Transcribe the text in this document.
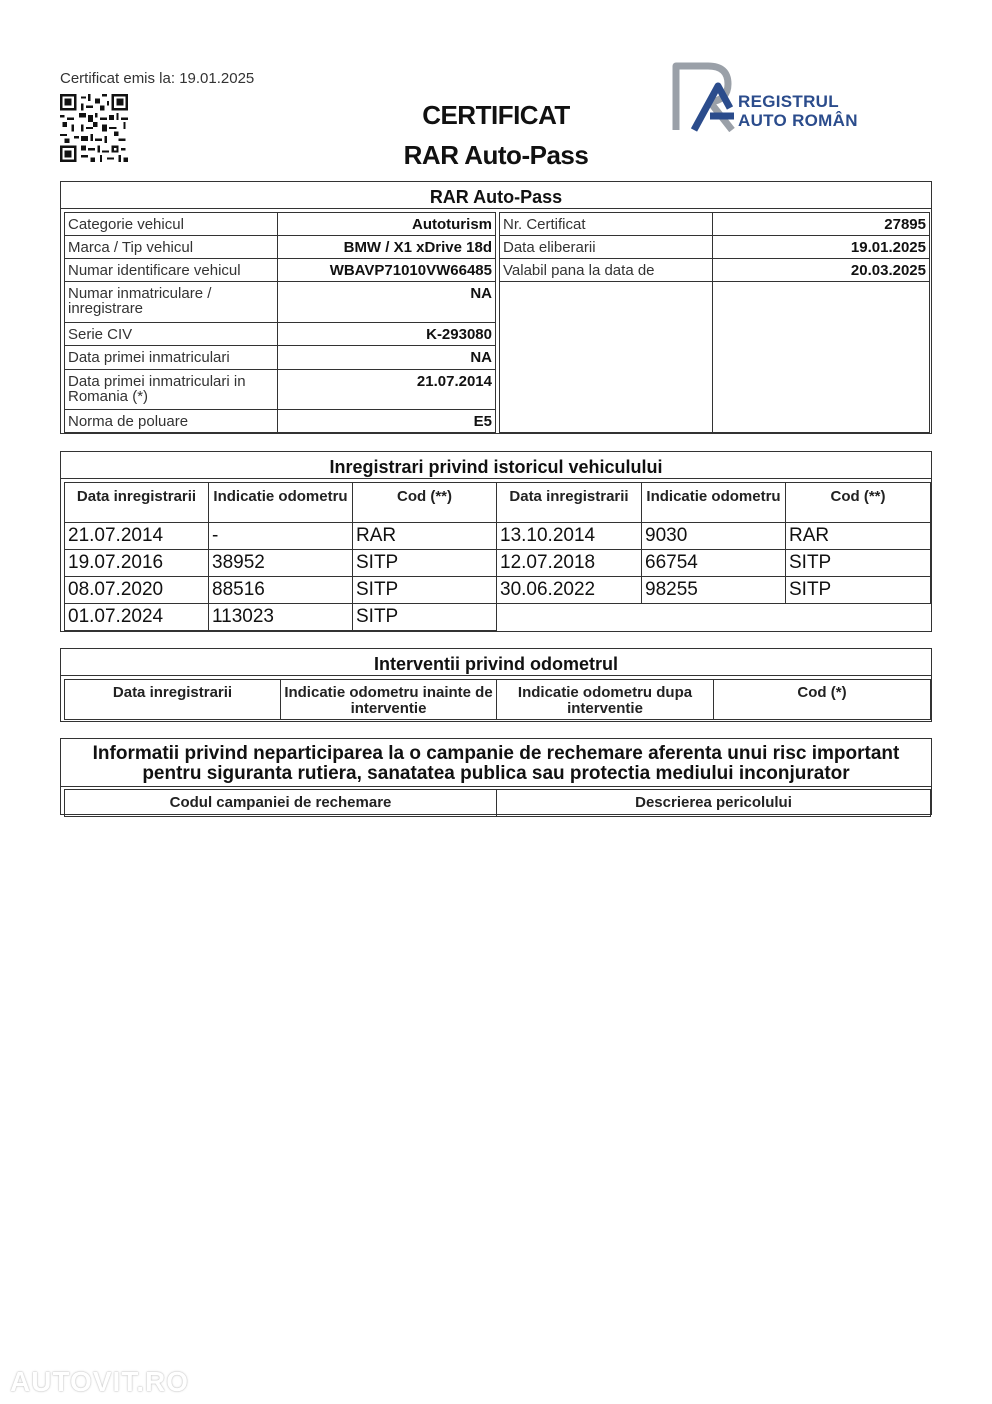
Certificat emis la: 19.01.2025
CERTIFICAT
RAR Auto-Pass
REGISTRUL
AUTO ROMÂN
RAR Auto-Pass
Categorie vehicul	Autoturism
Marca / Tip vehicul	BMW / X1 xDrive 18d
Numar identificare vehicul	WBAVP71010VW66485
Numar inmatriculare / inregistrare	NA
Serie CIV	K-293080
Data primei inmatriculari	NA
Data primei inmatriculari in Romania (*)	21.07.2014
Norma de poluare	E5
Nr. Certificat	27895
Data eliberarii	19.01.2025
Valabil pana la data de	20.03.2025

Inregistrari privind istoricul vehiculului
Data inregistrarii	Indicatie odometru	Cod (**)	Data inregistrarii	Indicatie odometru	Cod (**)
21.07.2014	-	RAR	13.10.2014	9030	RAR
19.07.2016	38952	SITP	12.07.2018	66754	SITP
08.07.2020	88516	SITP	30.06.2022	98255	SITP
01.07.2024	113023	SITP			
Interventii privind odometrul
Data inregistrarii	Indicatie odometru inainte de interventie	Indicatie odometru dupa interventie	Cod (*)
Informatii privind neparticiparea la o campanie de rechemare aferenta unui risc important pentru siguranta rutiera, sanatatea publica sau protectia mediului inconjurator
Codul campaniei de rechemare	Descrierea pericolului
AUTOVIT.RO
